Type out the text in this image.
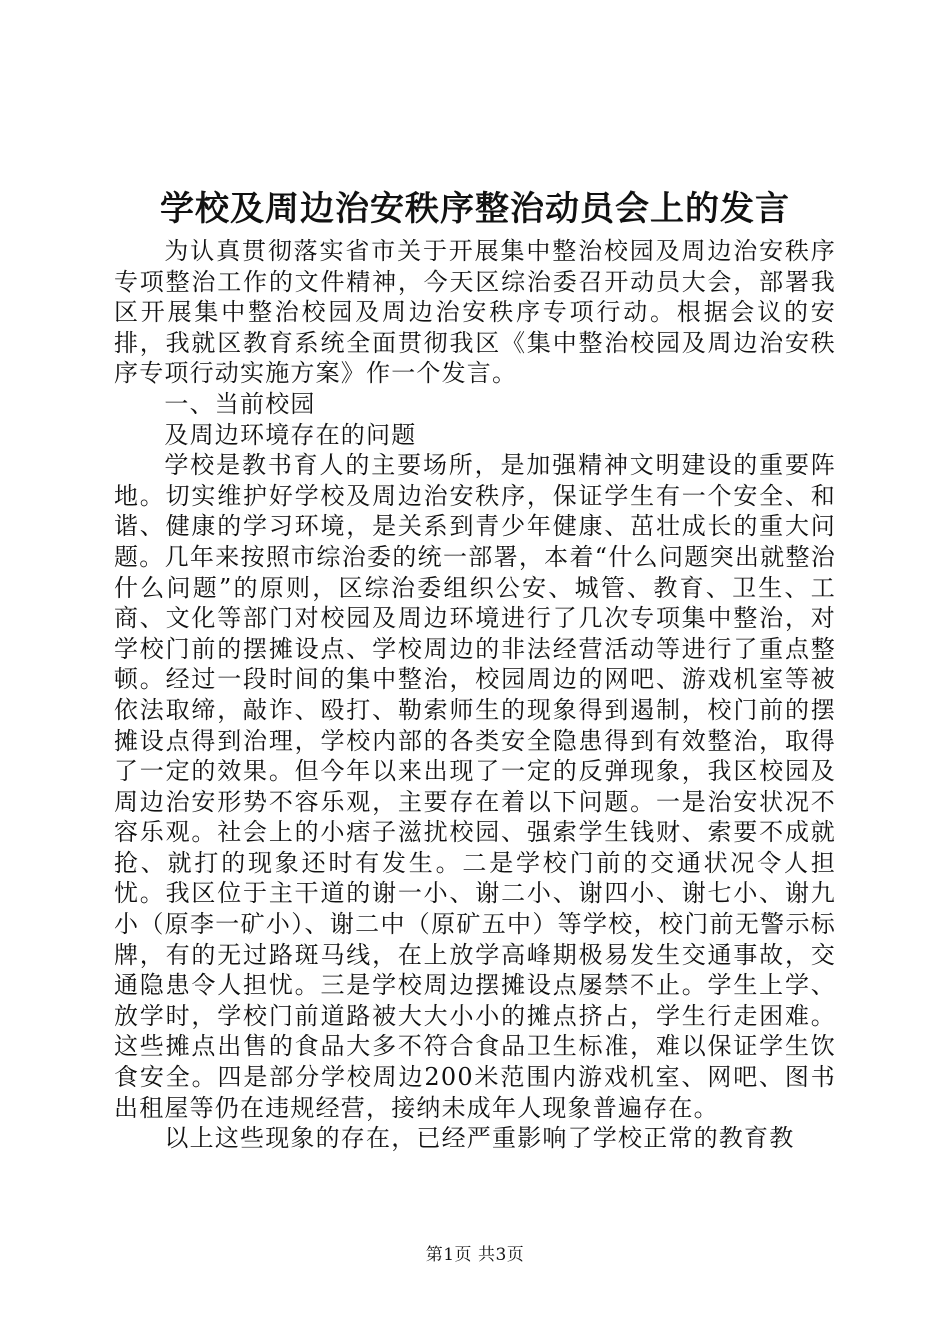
学校及周边治安秩序整治动员会上的发言

为认真贯彻落实省市关于开展集中整治校园及周边治安秩序专项整治工作的文件精神，今天区综治委召开动员大会，部署我区开展集中整治校园及周边治安秩序专项行动。根据会议的安排，我就区教育系统全面贯彻我区《集中整治校园及周边治安秩序专项行动实施方案》作一个发言。

一、当前校园

及周边环境存在的问题

学校是教书育人的主要场所，是加强精神文明建设的重要阵地。切实维护好学校及周边治安秩序，保证学生有一个安全、和谐、健康的学习环境，是关系到青少年健康、茁壮成长的重大问题。几年来按照市综治委的统一部署，本着“什么问题突出就整治什么问题”的原则，区综治委组织公安、城管、教育、卫生、工商、文化等部门对校园及周边环境进行了几次专项集中整治，对学校门前的摆摊设点、学校周边的非法经营活动等进行了重点整顿。经过一段时间的集中整治，校园周边的网吧、游戏机室等被依法取缔，敲诈、殴打、勒索师生的现象得到遏制，校门前的摆摊设点得到治理，学校内部的各类安全隐患得到有效整治，取得了一定的效果。但今年以来出现了一定的反弹现象，我区校园及周边治安形势不容乐观，主要存在着以下问题。一是治安状况不容乐观。社会上的小痞子滋扰校园、强索学生钱财、索要不成就抢、就打的现象还时有发生。二是学校门前的交通状况令人担忧。我区位于主干道的谢一小、谢二小、谢四小、谢七小、谢九小（原李一矿小）、谢二中（原矿五中）等学校，校门前无警示标牌，有的无过路斑马线，在上放学高峰期极易发生交通事故，交通隐患令人担忧。三是学校周边摆摊设点屡禁不止。学生上学、放学时，学校门前道路被大大小小的摊点挤占，学生行走困难。这些摊点出售的食品大多不符合食品卫生标准，难以保证学生饮食安全。四是部分学校周边200米范围内游戏机室、网吧、图书出租屋等仍在违规经营，接纳未成年人现象普遍存在。

以上这些现象的存在，已经严重影响了学校正常的教育教

第1页 共3页
